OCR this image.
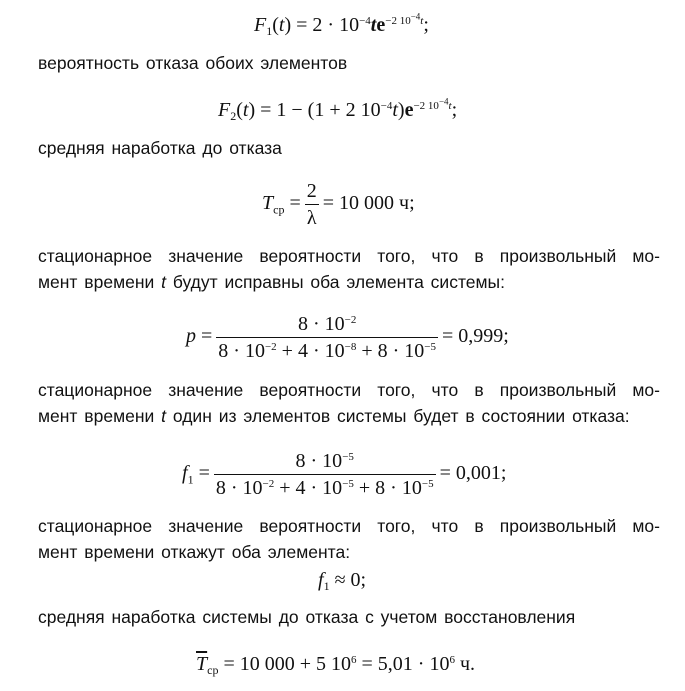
$F_1(t) = 2 \cdot 10^{-4}te^{-2 10^{-4}t}$;
вероятность отказа обоих элементов
$F_2(t) = 1 - (1 + 2$ $10^{-4}t)e^{-2 10^{-4}t}$;
средняя наработка до отказа
$T_{ср} = \frac{2}{\lambda} = 10$ 000 ч;
стационарное значение вероятности того, что в произвольный мо-
мент времени t будут исправны оба элемента системы:
$p = \frac{8 \cdot 10^{-2}}{8 \cdot 10^{-2} + 4 \cdot 10^{-8} + 8 \cdot 10^{-5}} = 0,999$;
стационарное значение вероятности того, что в произвольный мо-
мент времени t один из элементов системы будет в состоянии отказа:
$f_1 = \frac{8 \cdot 10^{-5}}{8 \cdot 10^{-2} + 4 \cdot 10^{-5} + 8 \cdot 10^{-5}} = 0,001$;
стационарное значение вероятности того, что в произвольный мо-
мент времени откажут оба элемента:
$f_1 \approx 0$;
средняя наработка системы до отказа с учетом восстановления
$\overline{T}_{ср} = 10$ 000 + 5 $10^6 = 5,01 \cdot 10^6$ ч.
